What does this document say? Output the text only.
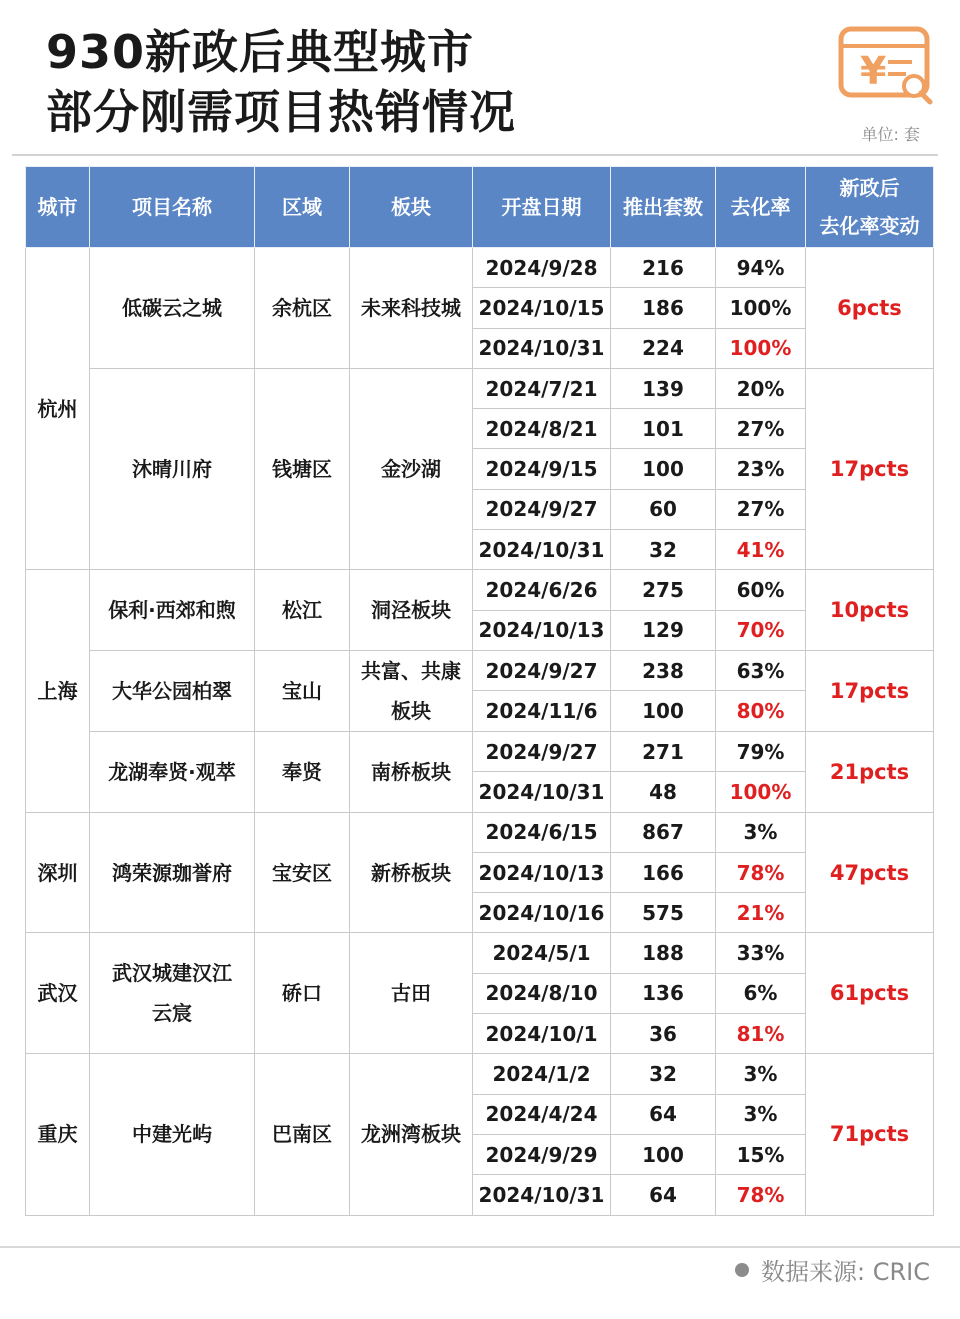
930新政后典型城市
部分刚需项目热销情况
¥
单位: 套
城市	项目名称	区域	板块	开盘日期	推出套数	去化率	新政后
去化率变动

杭州	低碳云之城	余杭区	未来科技城	2024/9/28	216	94%	6pcts
				2024/10/15	186	100%	
				2024/10/31	224	100%	
	沐晴川府	钱塘区	金沙湖	2024/7/21	139	20%	17pcts
				2024/8/21	101	27%	
				2024/9/15	100	23%	
				2024/9/27	60	27%	
				2024/10/31	32	41%	
上海	保利·西郊和煦	松江	洞泾板块	2024/6/26	275	60%	10pcts
				2024/10/13	129	70%	
	大华公园柏翠	宝山	共富、共康
板块	2024/9/27	238	63%	17pcts
				2024/11/6	100	80%	
	龙湖奉贤·观萃	奉贤	南桥板块	2024/9/27	271	79%	21pcts
				2024/10/31	48	100%	
深圳	鸿荣源珈誉府	宝安区	新桥板块	2024/6/15	867	3%	47pcts
				2024/10/13	166	78%	
				2024/10/16	575	21%	
武汉	武汉城建汉江
云宸	硚口	古田	2024/5/1	188	33%	61pcts
				2024/8/10	136	6%	
				2024/10/1	36	81%	
重庆	中建光屿	巴南区	龙洲湾板块	2024/1/2	32	3%	71pcts
				2024/4/24	64	3%	
				2024/9/29	100	15%	
				2024/10/31	64	78%	
数据来源: CRIC
